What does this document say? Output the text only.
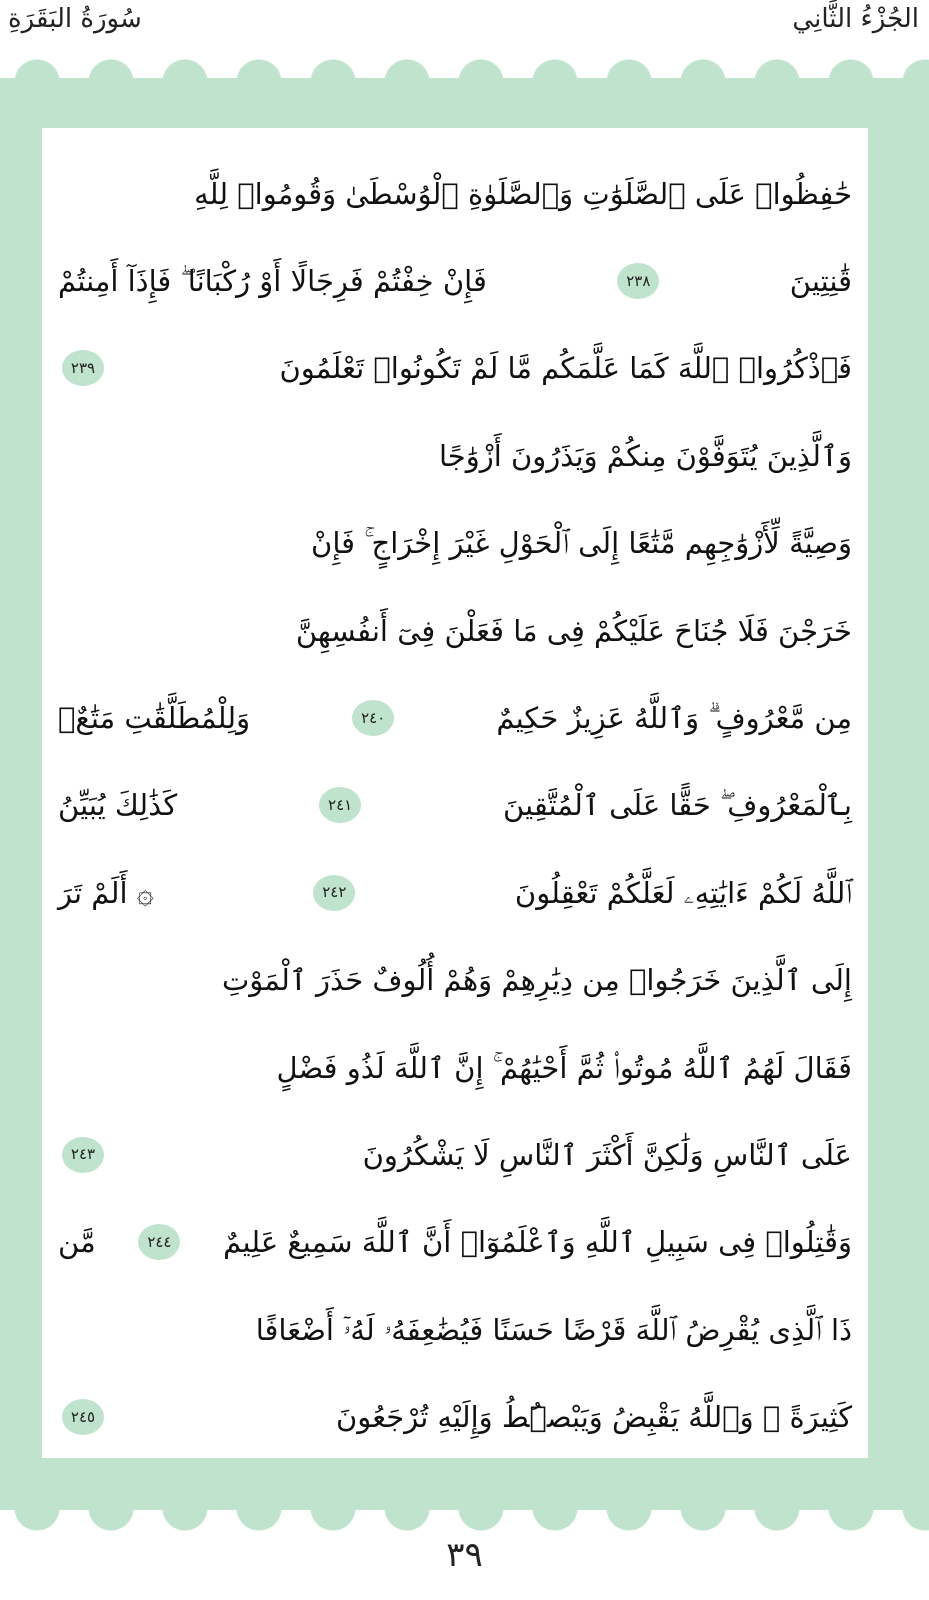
سُورَةُ البَقَرَةِ	الجُزْءُ الثَّانِي
حَٰفِظُوا۟ عَلَى ٱلصَّلَوَٰتِ وَٱلصَّلَوٰةِ ٱلْوُسْطَىٰ وَقُومُوا۟ لِلَّهِ
قَٰنِتِينَ
٢٣٨
فَإِنْ خِفْتُمْ فَرِجَالًا أَوْ رُكْبَانًا ۖ فَإِذَآ أَمِنتُمْ
فَٱذْكُرُوا۟ ٱللَّهَ كَمَا عَلَّمَكُم مَّا لَمْ تَكُونُوا۟ تَعْلَمُونَ
٢٣٩
وَٱلَّذِينَ يُتَوَفَّوْنَ مِنكُمْ وَيَذَرُونَ أَزْوَٰجًا
وَصِيَّةً لِّأَزْوَٰجِهِم مَّتَٰعًا إِلَى ٱلْحَوْلِ غَيْرَ إِخْرَاجٍ ۚ فَإِنْ
خَرَجْنَ فَلَا جُنَاحَ عَلَيْكُمْ فِى مَا فَعَلْنَ فِىٓ أَنفُسِهِنَّ
مِن مَّعْرُوفٍ ۗ وَٱللَّهُ عَزِيزٌ حَكِيمٌ
٢٤٠
وَلِلْمُطَلَّقَٰتِ مَتَٰعٌۢ
بِٱلْمَعْرُوفِ ۖ حَقًّا عَلَى ٱلْمُتَّقِينَ
٢٤١
كَذَٰلِكَ يُبَيِّنُ
ٱللَّهُ لَكُمْ ءَايَٰتِهِۦ لَعَلَّكُمْ تَعْقِلُونَ
٢٤٢
۞ أَلَمْ تَرَ
إِلَى ٱلَّذِينَ خَرَجُوا۟ مِن دِيَٰرِهِمْ وَهُمْ أُلُوفٌ حَذَرَ ٱلْمَوْتِ
فَقَالَ لَهُمُ ٱللَّهُ مُوتُوا۟ ثُمَّ أَحْيَٰهُمْ ۚ إِنَّ ٱللَّهَ لَذُو فَضْلٍ
عَلَى ٱلنَّاسِ وَلَٰكِنَّ أَكْثَرَ ٱلنَّاسِ لَا يَشْكُرُونَ
٢٤٣
وَقَٰتِلُوا۟ فِى سَبِيلِ ٱللَّهِ وَٱعْلَمُوٓا۟ أَنَّ ٱللَّهَ سَمِيعٌ عَلِيمٌ
٢٤٤
مَّن
ذَا ٱلَّذِى يُقْرِضُ ٱللَّهَ قَرْضًا حَسَنًا فَيُضَٰعِفَهُۥ لَهُۥٓ أَضْعَافًا
كَثِيرَةً ۚ وَٱللَّهُ يَقْبِضُ وَيَبْصُۜطُ وَإِلَيْهِ تُرْجَعُونَ
٢٤٥
٣٩
